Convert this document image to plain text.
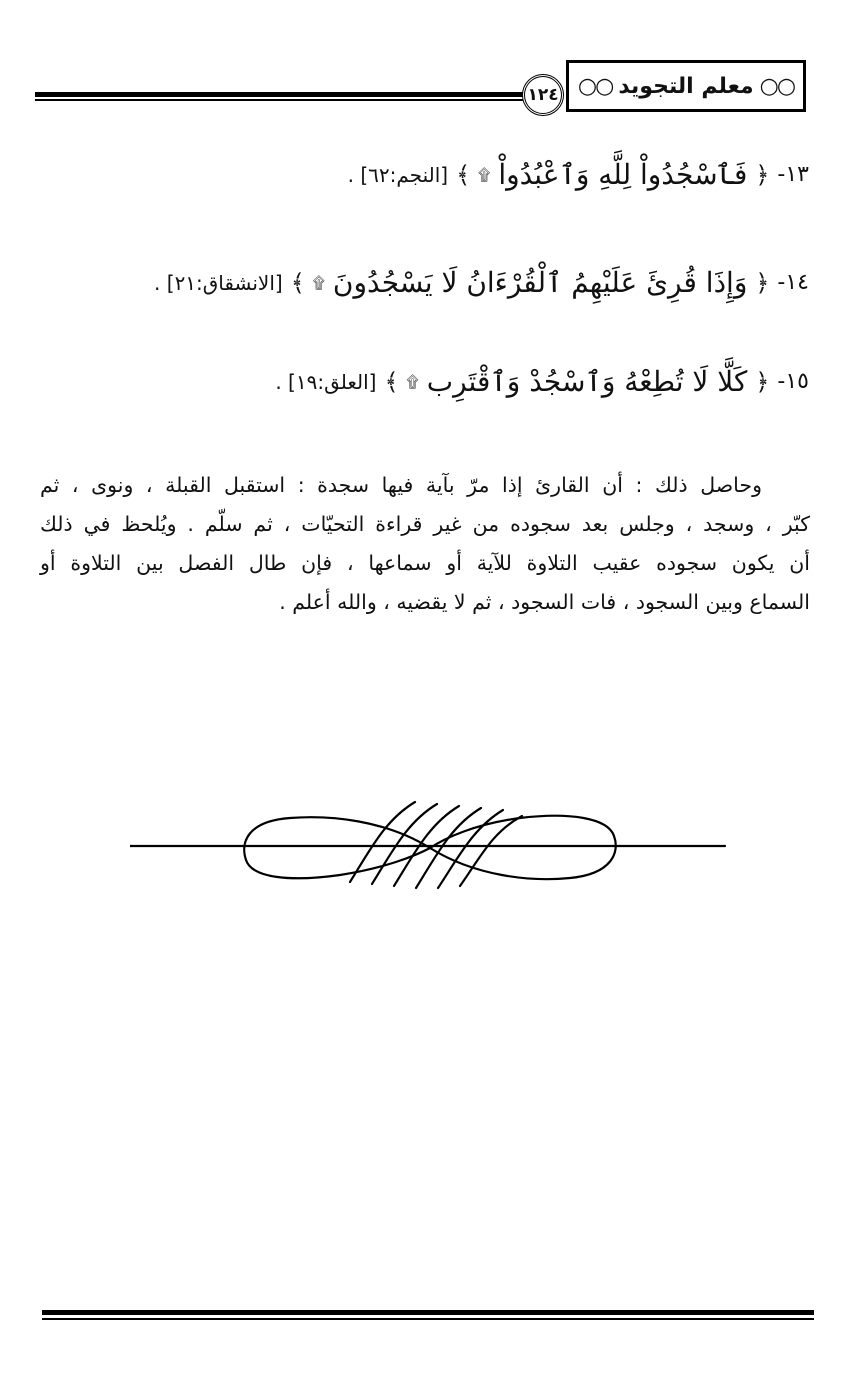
١٢٤	○○
معلم التجويد
○○
١٣-
﴿
فَٱسْجُدُواْ لِلَّهِ وَٱعْبُدُواْ
۩
﴾
[النجم:٦٢] .
١٤-
﴿
وَإِذَا قُرِئَ عَلَيْهِمُ ٱلْقُرْءَانُ لَا يَسْجُدُونَ
۩
﴾
[الانشقاق:٢١] .
١٥-
﴿
كَلَّا لَا تُطِعْهُ وَٱسْجُدْ وَٱقْتَرِب
۩
﴾
[العلق:١٩] .
وحاصل ذلك : أن القارئ إذا مرّ بآية فيها سجدة : استقبل القبلة ، ونوى ، ثم
كبّر ، وسجد ، وجلس بعد سجوده من غير قراءة التحيّات ، ثم سلّم . ويُلحظ في ذلك
أن يكون سجوده عقيب التلاوة للآية أو سماعها ، فإن طال الفصل بين التلاوة أو
السماع وبين السجود ، فات السجود ، ثم لا يقضيه ، والله أعلم .
